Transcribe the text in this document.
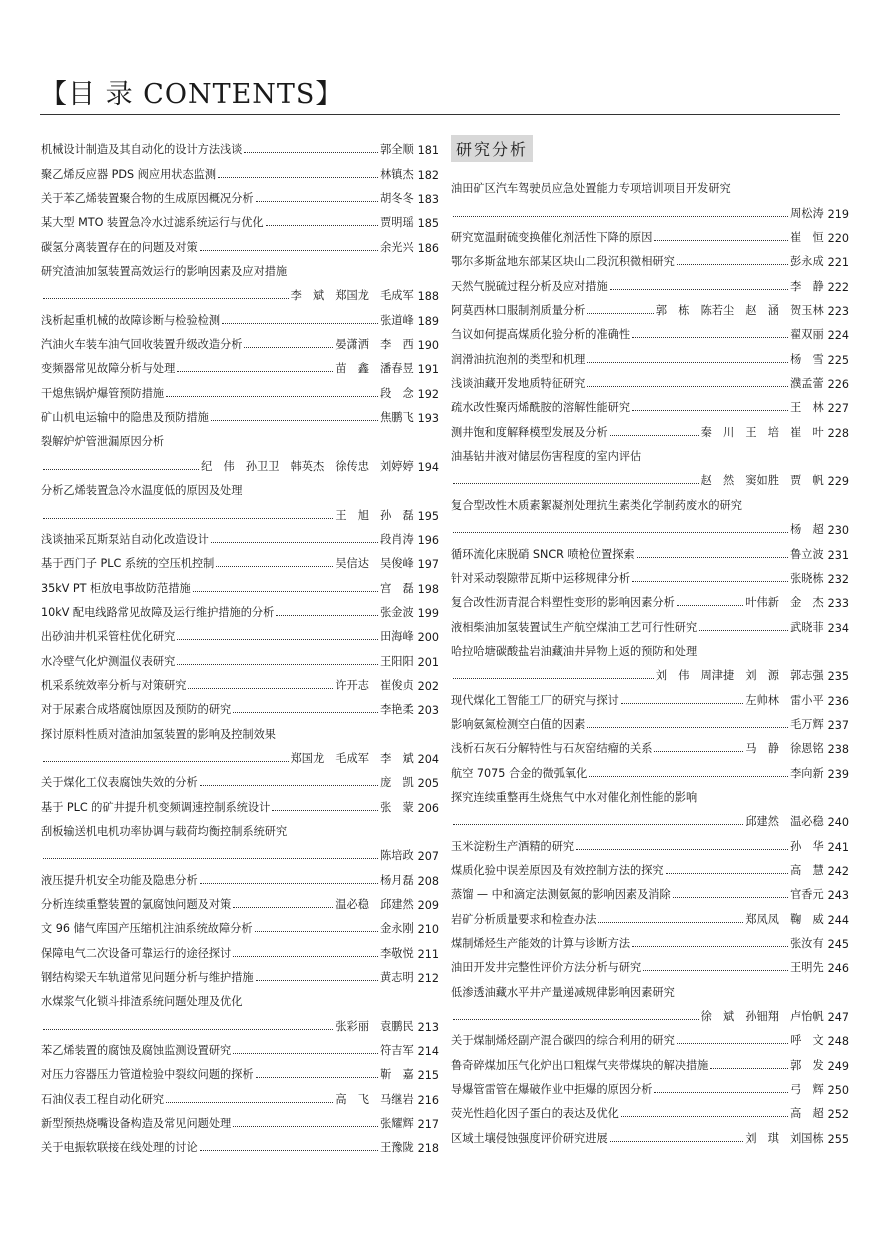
【目 录 CONTENTS】
机械设计制造及其自动化的设计方法浅谈	郭全顺 181
聚乙烯反应器 PDS 阀应用状态监测	林镇杰 182
关于苯乙烯装置聚合物的生成原因概况分析	胡冬冬 183
某大型 MTO 装置急冷水过滤系统运行与优化	贾明瑶 185
碳氢分离装置存在的问题及对策	余光兴 186
研究渣油加氢装置高效运行的影响因素及应对措施
李　斌　郑国龙　毛成军 188
浅析起重机械的故障诊断与检验检测	张道峰 189
汽油火车装车油气回收装置升级改造分析	晏潇洒　李　西 190
变频器常见故障分析与处理	苗　鑫　潘春昱 191
干熄焦锅炉爆管预防措施	段　念 192
矿山机电运输中的隐患及预防措施	焦鹏飞 193
裂解炉炉管泄漏原因分析
纪　伟　孙卫卫　韩英杰　徐传忠　刘婷婷 194
分析乙烯装置急冷水温度低的原因及处理
王　旭　孙　磊 195
浅谈抽采瓦斯泵站自动化改造设计	段肖涛 196
基于西门子 PLC 系统的空压机控制	吴信达　吴俊峰 197
35kV PT 柜放电事故防范措施	宫　磊 198
10kV 配电线路常见故障及运行维护措施的分析	张金波 199
出砂油井机采管柱优化研究	田海峰 200
水冷壁气化炉测温仪表研究	王阳阳 201
机采系统效率分析与对策研究	许开志　崔俊贞 202
对于尿素合成塔腐蚀原因及预防的研究	李艳柔 203
探讨原料性质对渣油加氢装置的影响及控制效果
郑国龙　毛成军　李　斌 204
关于煤化工仪表腐蚀失效的分析	庞　凯 205
基于 PLC 的矿井提升机变频调速控制系统设计	张　蒙 206
刮板输送机电机功率协调与载荷均衡控制系统研究
陈培政 207
液压提升机安全功能及隐患分析	杨月磊 208
分析连续重整装置的氯腐蚀问题及对策	温必稳　邱建然 209
文 96 储气库国产压缩机注油系统故障分析	金永刚 210
保障电气二次设备可靠运行的途径探讨	李敬悦 211
钢结构梁天车轨道常见问题分析与维护措施	黄志明 212
水煤浆气化锁斗排渣系统问题处理及优化
张彩丽　袁鹏民 213
苯乙烯装置的腐蚀及腐蚀监测设置研究	符吉军 214
对压力容器压力管道检验中裂纹问题的探析	靳　嘉 215
石油仪表工程自动化研究	高　飞　马继岩 216
新型预热烧嘴设备构造及常见问题处理	张耀辉 217
关于电振软联接在线处理的讨论	王豫陇 218
研究分析
油田矿区汽车驾驶员应急处置能力专项培训项目开发研究
周松涛 219
研究宽温耐硫变换催化剂活性下降的原因	崔　恒 220
鄂尔多斯盆地东部某区块山二段沉积微相研究	彭永成 221
天然气脱硫过程分析及应对措施	李　静 222
阿莫西林口服制剂质量分析	郭　栋　陈若尘　赵　涵　贺玉林 223
刍议如何提高煤质化验分析的准确性	翟双丽 224
润滑油抗泡剂的类型和机理	杨　雪 225
浅谈油藏开发地质特征研究	濮孟蕾 226
疏水改性聚丙烯酰胺的溶解性能研究	王　林 227
测井饱和度解释模型发展及分析	秦　川　王　培　崔　叶 228
油基钻井液对储层伤害程度的室内评估
赵　然　窦如胜　贾　帆 229
复合型改性木质素絮凝剂处理抗生素类化学制药废水的研究
杨　超 230
循环流化床脱硝 SNCR 喷枪位置探索	鲁立波 231
针对采动裂隙带瓦斯中运移规律分析	张晓栋 232
复合改性沥青混合料塑性变形的影响因素分析	叶伟新　金　杰 233
液相柴油加氢装置试生产航空煤油工艺可行性研究	武晓菲 234
哈拉哈塘碳酸盐岩油藏油井异物上返的预防和处理
刘　伟　周津捷　刘　源　郭志强 235
现代煤化工智能工厂的研究与探讨	左帅林　雷小平 236
影响氨氮检测空白值的因素	毛万辉 237
浅析石灰石分解特性与石灰窑结瘤的关系	马　静　徐恩铭 238
航空 7075 合金的微弧氧化	李向新 239
探究连续重整再生烧焦气中水对催化剂性能的影响
邱建然　温必稳 240
玉米淀粉生产酒精的研究	孙　华 241
煤质化验中误差原因及有效控制方法的探究	高　慧 242
蒸馏 — 中和滴定法测氨氮的影响因素及消除	官香元 243
岩矿分析质量要求和检查办法	郑凤凤　鞠　威 244
煤制烯烃生产能效的计算与诊断方法	张汝有 245
油田开发井完整性评价方法分析与研究	王明先 246
低渗透油藏水平井产量递减规律影响因素研究
徐　斌　孙钿翔　卢怡帆 247
关于煤制烯烃副产混合碳四的综合利用的研究	呼　文 248
鲁奇碎煤加压气化炉出口粗煤气夹带煤块的解决措施	郭　发 249
导爆管雷管在爆破作业中拒爆的原因分析	弓　辉 250
荧光性趋化因子蛋白的表达及优化	高　超 252
区域土壤侵蚀强度评价研究进展	刘　琪　刘国栋 255
